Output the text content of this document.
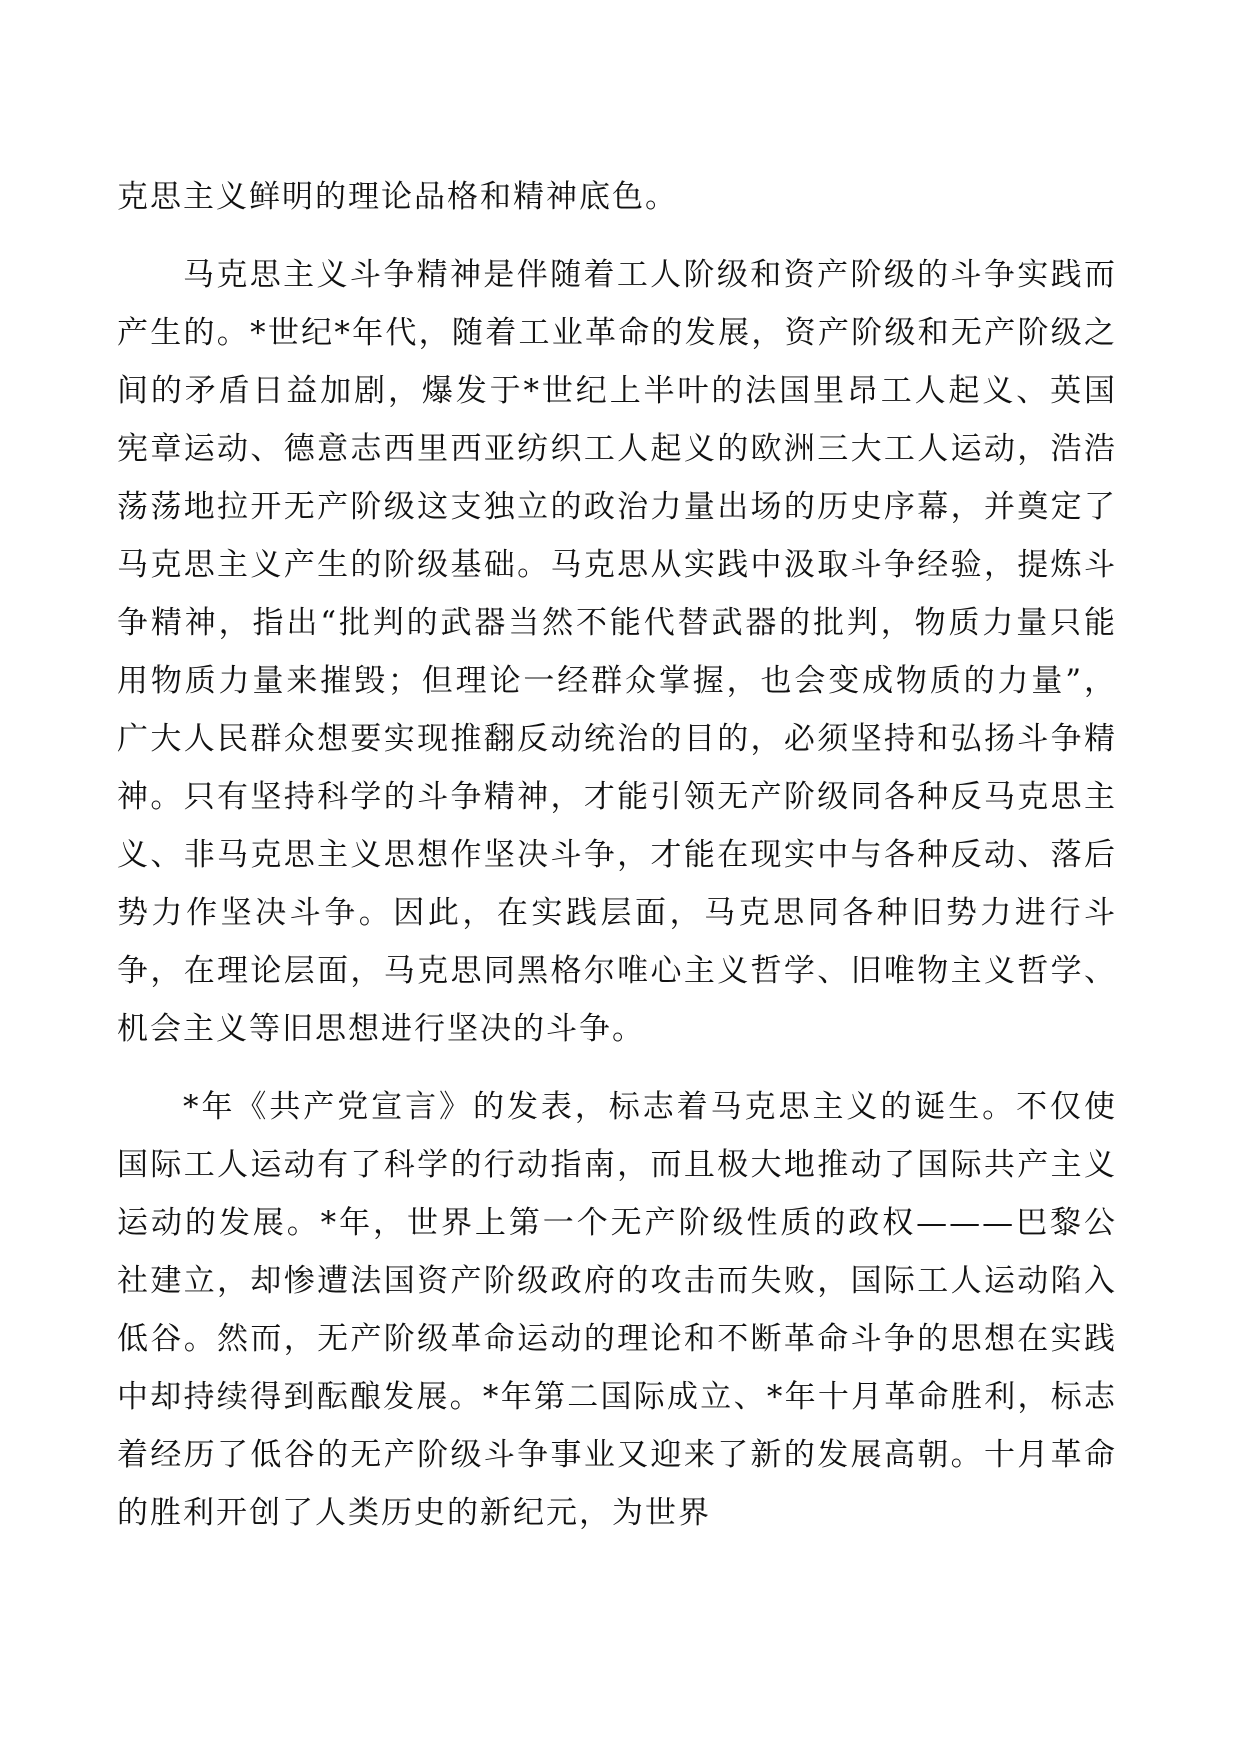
克思主义鲜明的理论品格和精神底色。

马克思主义斗争精神是伴随着工人阶级和资产阶级的斗争实践而产生的。*世纪*年代，随着工业革命的发展，资产阶级和无产阶级之间的矛盾日益加剧，爆发于*世纪上半叶的法国里昂工人起义、英国宪章运动、德意志西里西亚纺织工人起义的欧洲三大工人运动，浩浩荡荡地拉开无产阶级这支独立的政治力量出场的历史序幕，并奠定了马克思主义产生的阶级基础。马克思从实践中汲取斗争经验，提炼斗争精神，指出“批判的武器当然不能代替武器的批判，物质力量只能用物质力量来摧毁；但理论一经群众掌握，也会变成物质的力量”，广大人民群众想要实现推翻反动统治的目的，必须坚持和弘扬斗争精神。只有坚持科学的斗争精神，才能引领无产阶级同各种反马克思主义、非马克思主义思想作坚决斗争，才能在现实中与各种反动、落后势力作坚决斗争。因此，在实践层面，马克思同各种旧势力进行斗争，在理论层面，马克思同黑格尔唯心主义哲学、旧唯物主义哲学、机会主义等旧思想进行坚决的斗争。

*年《共产党宣言》的发表，标志着马克思主义的诞生。不仅使国际工人运动有了科学的行动指南，而且极大地推动了国际共产主义运动的发展。*年，世界上第一个无产阶级性质的政权———巴黎公社建立，却惨遭法国资产阶级政府的攻击而失败，国际工人运动陷入低谷。然而，无产阶级革命运动的理论和不断革命斗争的思想在实践中却持续得到酝酿发展。*年第二国际成立、*年十月革命胜利，标志着经历了低谷的无产阶级斗争事业又迎来了新的发展高朝。十月革命的胜利开创了人类历史的新纪元，为世界
